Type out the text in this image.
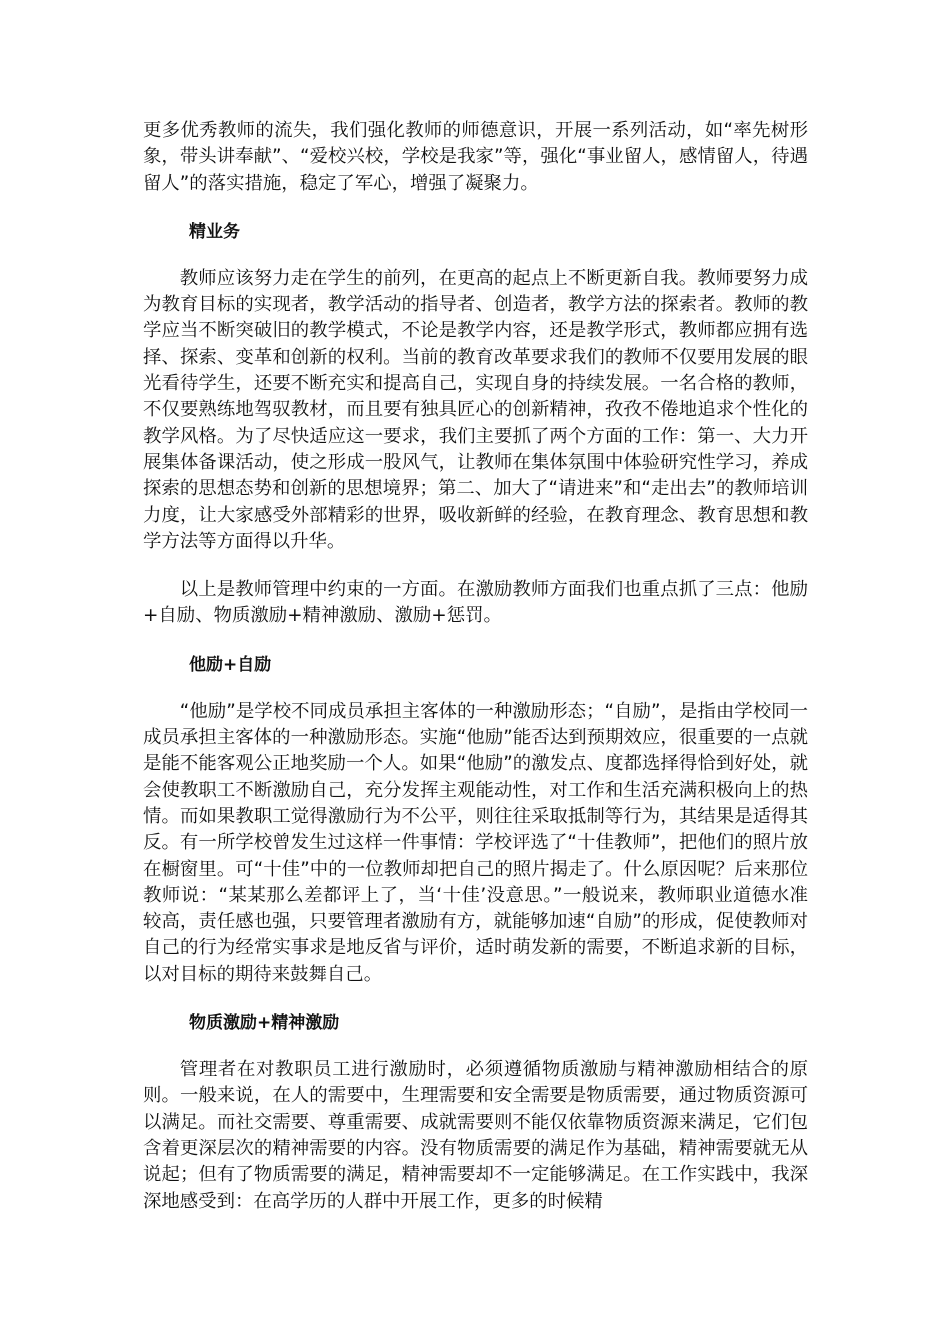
更多优秀教师的流失，我们强化教师的师德意识，开展一系列活动，如“率先树形象，带头讲奉献”、“爱校兴校，学校是我家”等，强化“事业留人，感情留人，待遇留人”的落实措施，稳定了军心，增强了凝聚力。

精业务

教师应该努力走在学生的前列，在更高的起点上不断更新自我。教师要努力成为教育目标的实现者，教学活动的指导者、创造者，教学方法的探索者。教师的教学应当不断突破旧的教学模式，不论是教学内容，还是教学形式，教师都应拥有选择、探索、变革和创新的权利。当前的教育改革要求我们的教师不仅要用发展的眼光看待学生，还要不断充实和提高自己，实现自身的持续发展。一名合格的教师，不仅要熟练地驾驭教材，而且要有独具匠心的创新精神，孜孜不倦地追求个性化的教学风格。为了尽快适应这一要求，我们主要抓了两个方面的工作：第一、大力开展集体备课活动，使之形成一股风气，让教师在集体氛围中体验研究性学习，养成探索的思想态势和创新的思想境界；第二、加大了“请进来”和“走出去”的教师培训力度，让大家感受外部精彩的世界，吸收新鲜的经验，在教育理念、教育思想和教学方法等方面得以升华。

以上是教师管理中约束的一方面。在激励教师方面我们也重点抓了三点：他励+自励、物质激励+精神激励、激励+惩罚。

他励+自励

“他励”是学校不同成员承担主客体的一种激励形态；“自励”，是指由学校同一成员承担主客体的一种激励形态。实施“他励”能否达到预期效应，很重要的一点就是能不能客观公正地奖励一个人。如果“他励”的激发点、度都选择得恰到好处，就会使教职工不断激励自己，充分发挥主观能动性，对工作和生活充满积极向上的热情。而如果教职工觉得激励行为不公平，则往往采取抵制等行为，其结果是适得其反。有一所学校曾发生过这样一件事情：学校评选了“十佳教师”，把他们的照片放在橱窗里。可“十佳”中的一位教师却把自己的照片揭走了。什么原因呢？后来那位教师说：“某某那么差都评上了，当‘十佳’没意思。”一般说来，教师职业道德水准较高，责任感也强，只要管理者激励有方，就能够加速“自励”的形成，促使教师对自己的行为经常实事求是地反省与评价，适时萌发新的需要，不断追求新的目标，以对目标的期待来鼓舞自己。

物质激励+精神激励

管理者在对教职员工进行激励时，必须遵循物质激励与精神激励相结合的原则。一般来说，在人的需要中，生理需要和安全需要是物质需要，通过物质资源可以满足。而社交需要、尊重需要、成就需要则不能仅依靠物质资源来满足，它们包含着更深层次的精神需要的内容。没有物质需要的满足作为基础，精神需要就无从说起；但有了物质需要的满足，精神需要却不一定能够满足。在工作实践中，我深深地感受到：在高学历的人群中开展工作，更多的时候精
